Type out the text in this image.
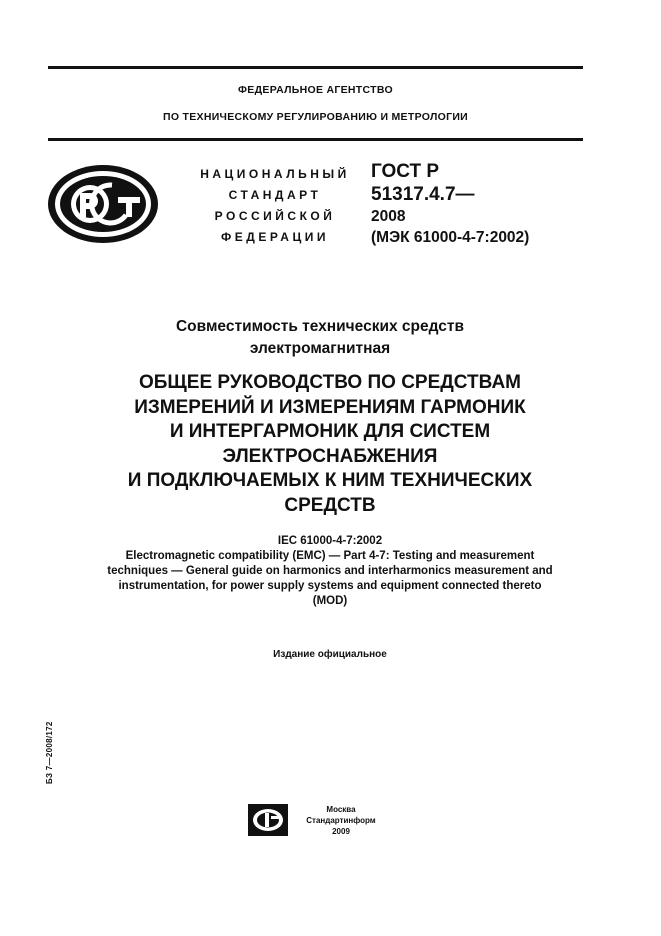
ФЕДЕРАЛЬНОЕ АГЕНТСТВО
ПО ТЕХНИЧЕСКОМУ РЕГУЛИРОВАНИЮ И МЕТРОЛОГИИ
НАЦИОНАЛЬНЫЙ
СТАНДАРТ
РОССИЙСКОЙ
ФЕДЕРАЦИИ
ГОСТ Р
51317.4.7—
2008
(МЭК 61000-4-7:2002)
Совместимость технических средств
электромагнитная
ОБЩЕЕ РУКОВОДСТВО ПО СРЕДСТВАМ
ИЗМЕРЕНИЙ И ИЗМЕРЕНИЯМ ГАРМОНИК
И ИНТЕРГАРМОНИК ДЛЯ СИСТЕМ
ЭЛЕКТРОСНАБЖЕНИЯ
И ПОДКЛЮЧАЕМЫХ К НИМ ТЕХНИЧЕСКИХ
СРЕДСТВ
IEC 61000-4-7:2002
Electromagnetic compatibility (EMC) — Part 4-7: Testing and measurement
techniques — General guide on harmonics and interharmonics measurement and
instrumentation, for power supply systems and equipment connected thereto
(MOD)
Издание официальное
БЗ 7—2008/172
Москва
Стандартинформ
2009
